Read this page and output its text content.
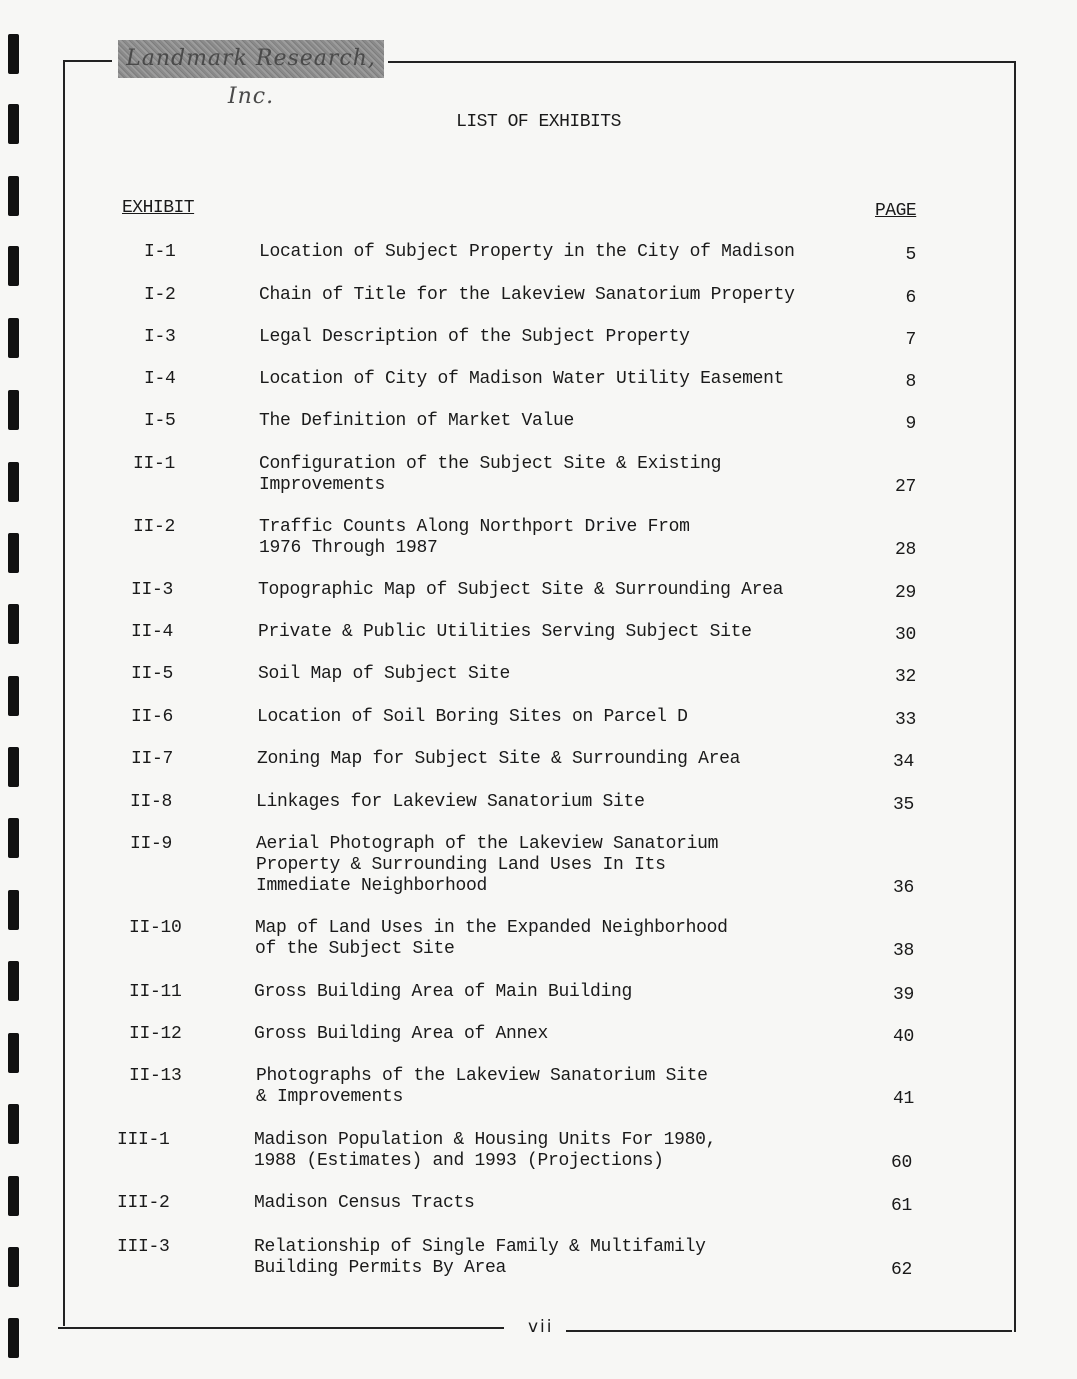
Landmark Research, Inc.
LIST OF EXHIBITS
EXHIBIT	PAGE
I-1	Location of Subject Property in the City of Madison	5
I-2	Chain of Title for the Lakeview Sanatorium Property	6
I-3	Legal Description of the Subject Property	7
I-4	Location of City of Madison Water Utility Easement	8
I-5	The Definition of Market Value	9
II-1	Configuration of the Subject Site & Existing
Improvements	27
II-2	Traffic Counts Along Northport Drive From
1976 Through 1987	28
II-3	Topographic Map of Subject Site & Surrounding Area	29
II-4	Private & Public Utilities Serving Subject Site	30
II-5	Soil Map of Subject Site	32
II-6	Location of Soil Boring Sites on Parcel D	33
II-7	Zoning Map for Subject Site & Surrounding Area	34
II-8	Linkages for Lakeview Sanatorium Site	35
II-9	Aerial Photograph of the Lakeview Sanatorium
Property & Surrounding Land Uses In Its
Immediate Neighborhood	36
II-10	Map of Land Uses in the Expanded Neighborhood
of the Subject Site	38
II-11	Gross Building Area of Main Building	39
II-12	Gross Building Area of Annex	40
II-13	Photographs of the Lakeview Sanatorium Site
& Improvements	41
III-1	Madison Population & Housing Units For 1980,
1988 (Estimates) and 1993 (Projections)	60
III-2	Madison Census Tracts	61
III-3	Relationship of Single Family & Multifamily
Building Permits By Area	62
vii
